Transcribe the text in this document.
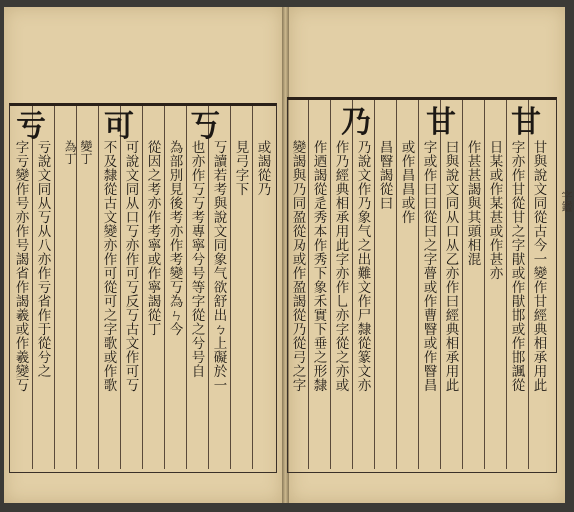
甘
甘
乃
甘與說文同從古今一變作甘經典相承用此
字亦作甘從甘之字猒或作猒邯或作邯諷從
日某或作某甚或作甚亦
作甚甚謁與其頭相混
曰與說文同从口从乙亦作曰經典相承用此
字或作曰曰從曰之字瞢或作曹瞖或作瞖昌
或作昌昌或作
昌瞖謁從曰
乃說文作乃象气之出難文作尸隸從篆文亦
作乃經典相承用此字亦作乚亦字從之亦或
作迺謁從辵秀本作秀下象禾實下垂之形隸
變謁與乃同盈從夃或作盈謁從乃從弓之字
丂
可
亏
或謁從乃
見弓字下
丂讀若考與說文同象气欲舒出ㄅ上礙於一
也亦作丂丂考專寧兮号等字從之兮号自
為部別見後考亦作考變丂為ㄣ今
從因之考亦作考寧或作寧謁從丁
可說文同从口丂亦作可丂反丂古文作可丂
不及隸從古文變亦作可從可之字歌或作歌
變丁
為丁
亏說文同从丂从八亦作亏省作于從兮之
字亏變作号亦作号謁省作謁羲或作羲變丂	字鑑
